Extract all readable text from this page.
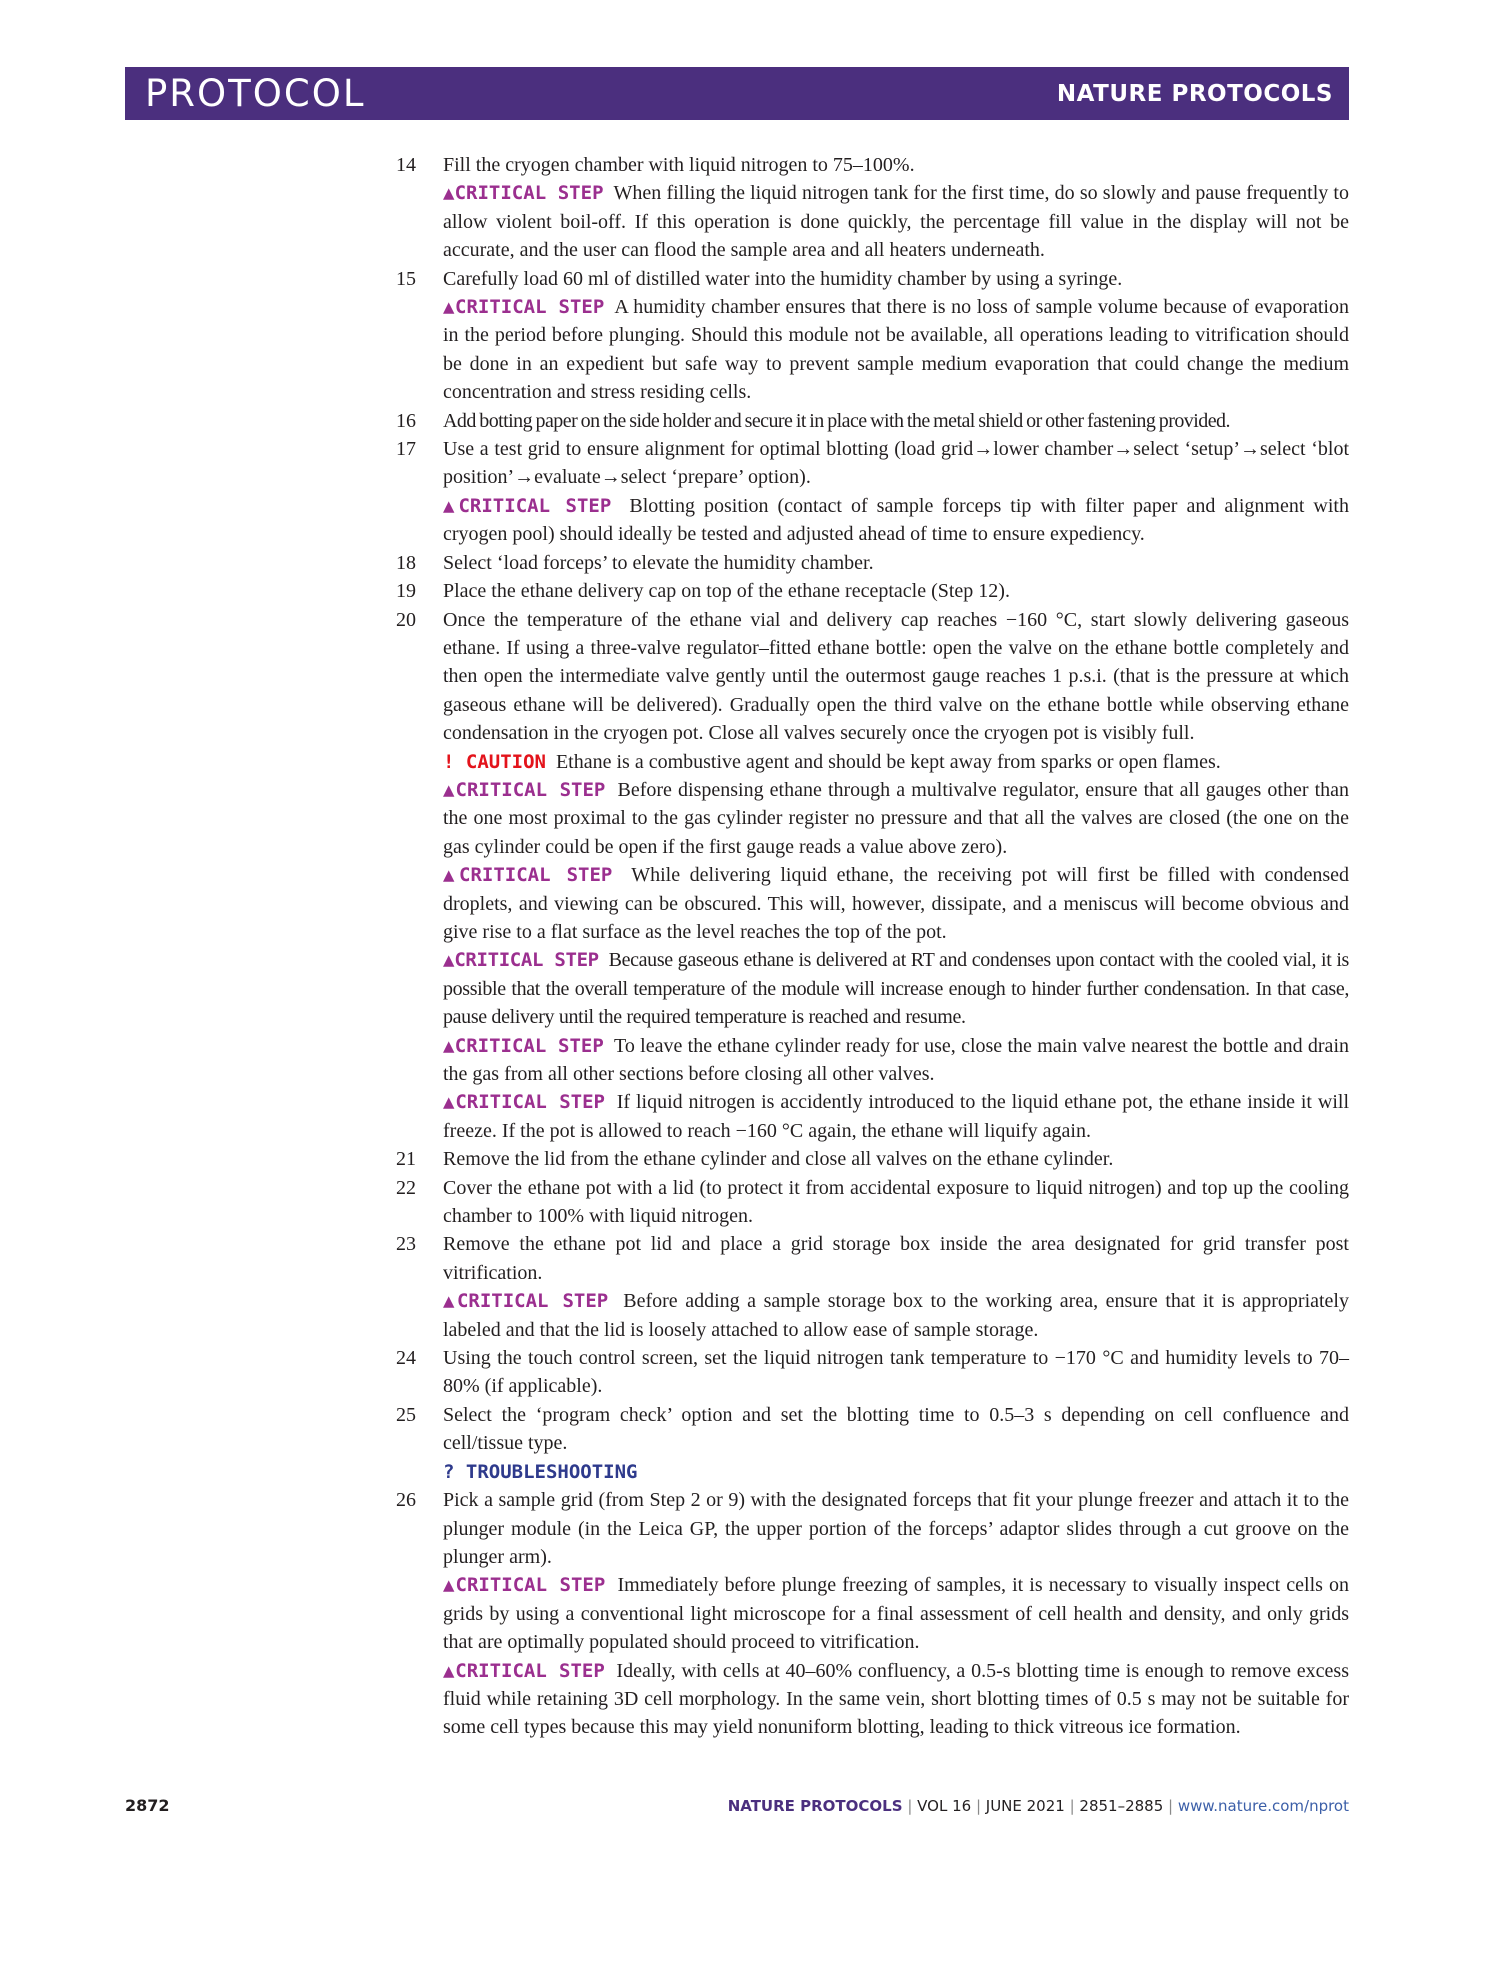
PROTOCOL	NATURE PROTOCOLS
14	Fill the cryogen chamber with liquid nitrogen to 75–100%.

▲CRITICAL STEP When filling the liquid nitrogen tank for the first time, do so slowly and pause frequently to allow violent boil-off. If this operation is done quickly, the percentage fill value in the display will not be accurate, and the user can flood the sample area and all heaters underneath.

15	Carefully load 60 ml of distilled water into the humidity chamber by using a syringe.

▲CRITICAL STEP A humidity chamber ensures that there is no loss of sample volume because of evaporation in the period before plunging. Should this module not be available, all operations leading to vitrification should be done in an expedient but safe way to prevent sample medium evaporation that could change the medium concentration and stress residing cells.

16	Add botting paper on the side holder and secure it in place with the metal shield or other fastening provided.

17	Use a test grid to ensure alignment for optimal blotting (load grid→lower chamber→select ‘setup’→select ‘blot position’→evaluate→select ‘prepare’ option).

▲CRITICAL STEP Blotting position (contact of sample forceps tip with filter paper and alignment with cryogen pool) should ideally be tested and adjusted ahead of time to ensure expediency.

18	Select ‘load forceps’ to elevate the humidity chamber.

19	Place the ethane delivery cap on top of the ethane receptacle (Step 12).

20	Once the temperature of the ethane vial and delivery cap reaches −160 °C, start slowly delivering gaseous ethane. If using a three-valve regulator–fitted ethane bottle: open the valve on the ethane bottle completely and then open the intermediate valve gently until the outermost gauge reaches 1 p.s.i. (that is the pressure at which gaseous ethane will be delivered). Gradually open the third valve on the ethane bottle while observing ethane condensation in the cryogen pot. Close all valves securely once the cryogen pot is visibly full.

! CAUTION Ethane is a combustive agent and should be kept away from sparks or open flames.

▲CRITICAL STEP Before dispensing ethane through a multivalve regulator, ensure that all gauges other than the one most proximal to the gas cylinder register no pressure and that all the valves are closed (the one on the gas cylinder could be open if the first gauge reads a value above zero).

▲CRITICAL STEP While delivering liquid ethane, the receiving pot will first be filled with condensed droplets, and viewing can be obscured. This will, however, dissipate, and a meniscus will become obvious and give rise to a flat surface as the level reaches the top of the pot.

▲CRITICAL STEP Because gaseous ethane is delivered at RT and condenses upon contact with the cooled vial, it is possible that the overall temperature of the module will increase enough to hinder further condensation. In that case, pause delivery until the required temperature is reached and resume.

▲CRITICAL STEP To leave the ethane cylinder ready for use, close the main valve nearest the bottle and drain the gas from all other sections before closing all other valves.

▲CRITICAL STEP If liquid nitrogen is accidently introduced to the liquid ethane pot, the ethane inside it will freeze. If the pot is allowed to reach −160 °C again, the ethane will liquify again.

21	Remove the lid from the ethane cylinder and close all valves on the ethane cylinder.

22	Cover the ethane pot with a lid (to protect it from accidental exposure to liquid nitrogen) and top up the cooling chamber to 100% with liquid nitrogen.

23	Remove the ethane pot lid and place a grid storage box inside the area designated for grid transfer post vitrification.

▲CRITICAL STEP Before adding a sample storage box to the working area, ensure that it is appropriately labeled and that the lid is loosely attached to allow ease of sample storage.

24	Using the touch control screen, set the liquid nitrogen tank temperature to −170 °C and humidity levels to 70–80% (if applicable).

25	Select the ‘program check’ option and set the blotting time to 0.5–3 s depending on cell confluence and cell/tissue type.

? TROUBLESHOOTING

26	Pick a sample grid (from Step 2 or 9) with the designated forceps that fit your plunge freezer and attach it to the plunger module (in the Leica GP, the upper portion of the forceps’ adaptor slides through a cut groove on the plunger arm).

▲CRITICAL STEP Immediately before plunge freezing of samples, it is necessary to visually inspect cells on grids by using a conventional light microscope for a final assessment of cell health and density, and only grids that are optimally populated should proceed to vitrification.

▲CRITICAL STEP Ideally, with cells at 40–60% confluency, a 0.5-s blotting time is enough to remove excess fluid while retaining 3D cell morphology. In the same vein, short blotting times of 0.5 s may not be suitable for some cell types because this may yield nonuniform blotting, leading to thick vitreous ice formation.

2872	NATURE PROTOCOLS | VOL 16 | JUNE 2021 | 2851–2885 | www.nature.com/nprot
